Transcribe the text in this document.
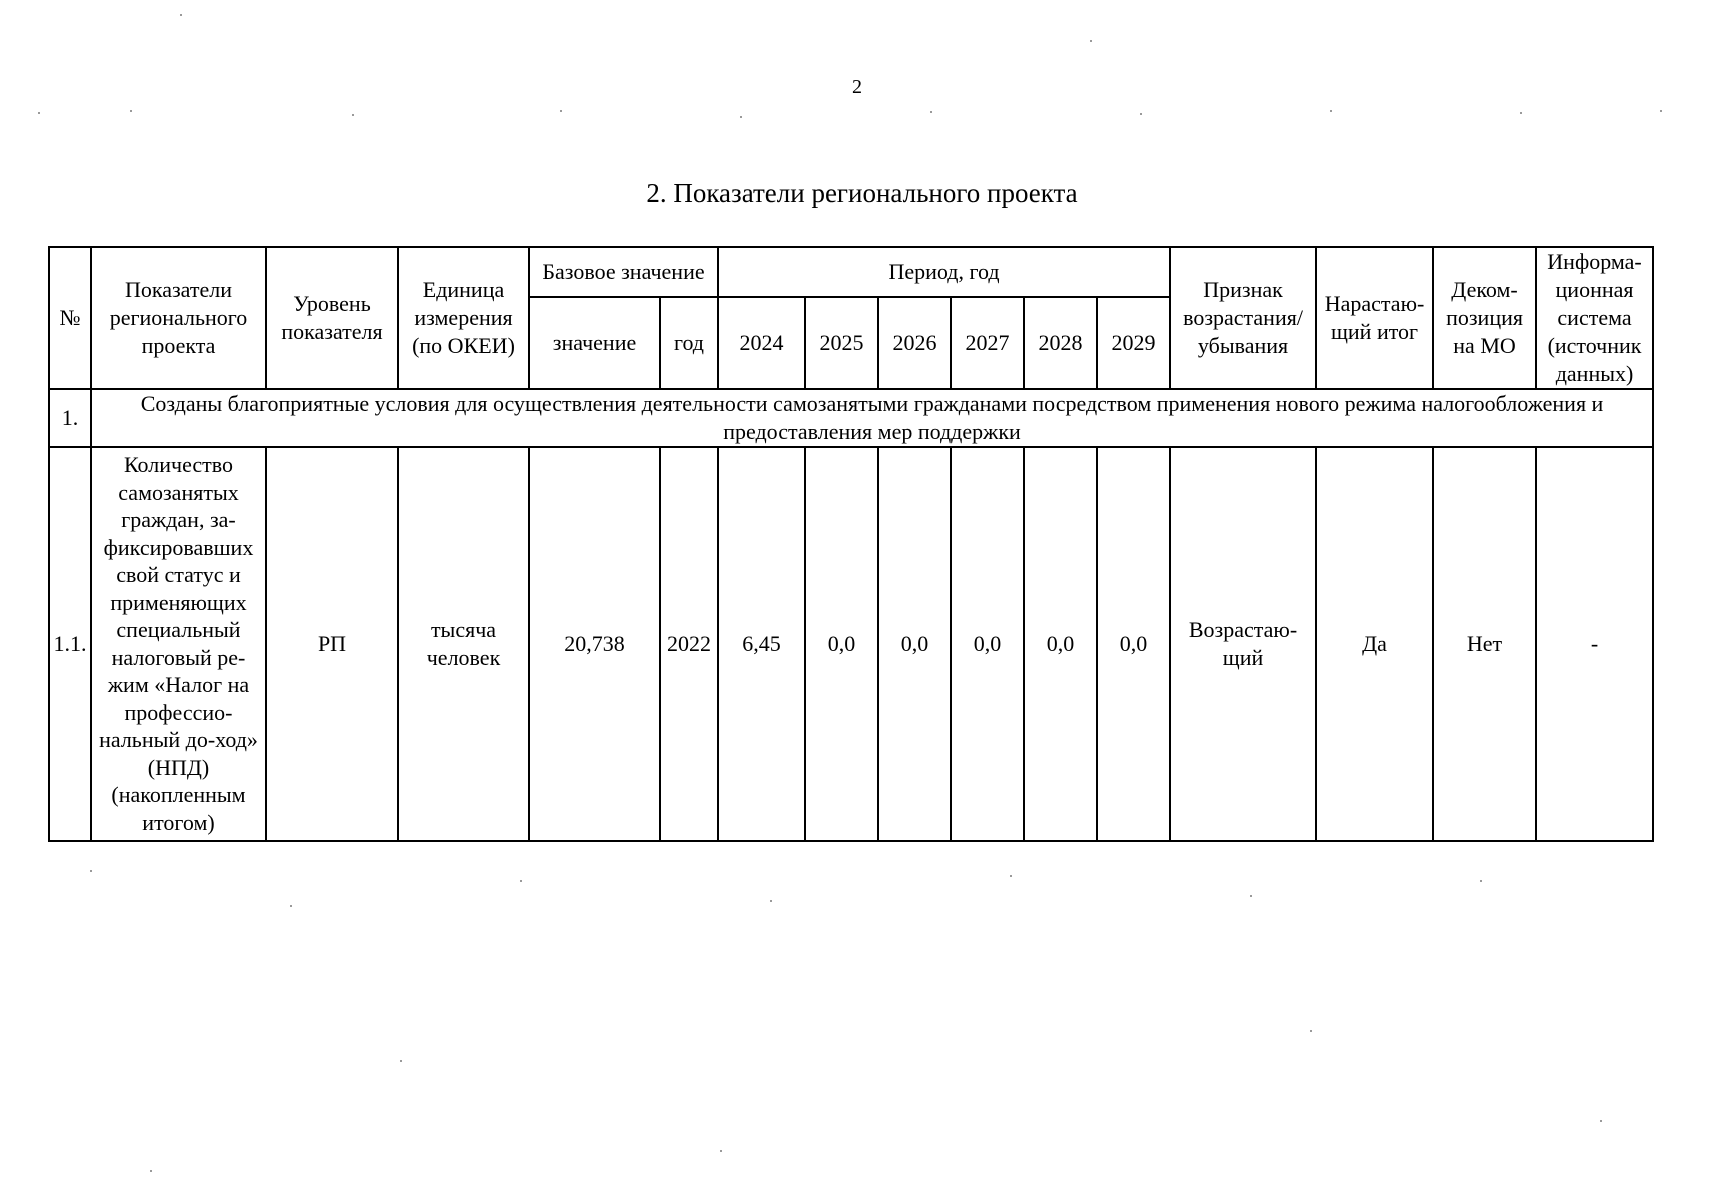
2
2. Показатели регионального проекта
№	Показатели регионального проекта	Уровень показателя	Единица измерения (по ОКЕИ)	Базовое значение		Период, год						Признак возрастания/ убывания	Нарастаю-щий итог	Деком-позиция на МО	Информа-ционная система (источник данных)
				значение	год	2024	2025	2026	2027	2028	2029				
1.	Созданы благоприятные условия для осуществления деятельности самозанятыми гражданами посредством применения нового режима налогообложения и предоставления мер поддержки														
1.1.	Количество самозанятых граждан, за-фиксировавших свой статус и применяющих специальный налоговый ре-жим «Налог на профессио-нальный до-ход» (НПД) (накопленным итогом)	РП	тысяча человек	20,738	2022	6,45	0,0	0,0	0,0	0,0	0,0	Возрастаю-щий	Да	Нет	-
